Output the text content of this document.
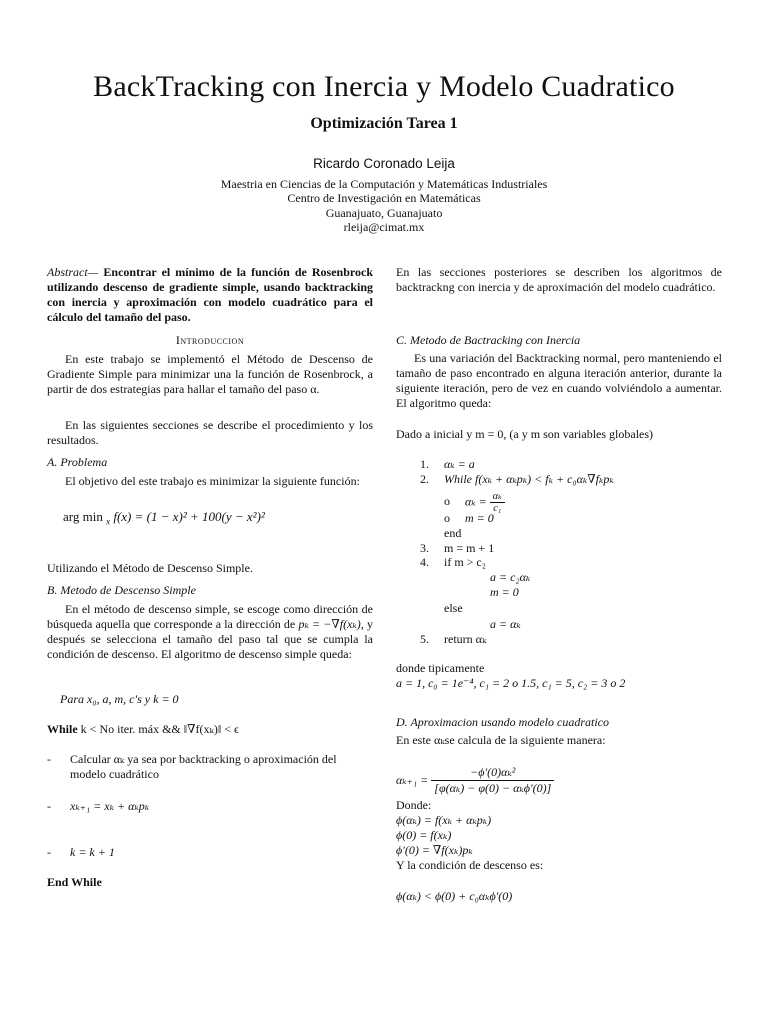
BackTracking con Inercia y Modelo Cuadratico
Optimización Tarea 1
Ricardo Coronado Leija
Maestria en Ciencias de la Computación y Matemáticas Industriales
Centro de Investigación en Matemáticas
Guanajuato, Guanajuato
rleija@cimat.mx
Abstract— Encontrar el mínimo de la función de Rosenbrock utilizando descenso de gradiente simple, usando backtracking con inercia y aproximación con modelo cuadrático para el cálculo del tamaño del paso.
Introduccion
En este trabajo se implementó el Método de Descenso de Gradiente Simple para minimizar una la función de Rosenbrock, a partir de dos estrategias para hallar el tamaño del paso α.
En las siguientes secciones se describe el procedimiento y los resultados.
A. Problema
El objetivo del este trabajo es minimizar la siguiente función:
arg min $_x$ f(x) = (1 − x)² + 100(y − x²)²
Utilizando el Método de Descenso Simple.
B. Metodo de Descenso Simple
En el método de descenso simple, se escoge como dirección de búsqueda aquella que corresponde a la dirección de pₖ = −∇f(xₖ), y después se selecciona el tamaño del paso tal que se cumpla la condición de descenso. El algoritmo de descenso simple queda:
Para x₀, a, m, c′s y k = 0
While k < No iter. máx && ‖∇f(xₖ)‖ < ϵ
- Calcular αₖ ya sea por backtracking o aproximación del modelo cuadrático
- xₖ₊₁ = xₖ + αₖpₖ
- k = k + 1
End While
En las secciones posteriores se describen los algoritmos de backtrackng con inercia y de aproximación del modelo cuadrático.
C. Metodo de Bactracking con Inercia
Es una variación del Backtracking normal, pero manteniendo el tamaño de paso encontrado en alguna iteración anterior, durante la siguiente iteración, pero de vez en cuando volviéndolo a aumentar. El algoritmo queda:
Dado a inicial y m = 0, (a y m son variables globales)
1. αₖ = a
2. While f(xₖ + αₖpₖ) < fₖ + c₀αₖ∇fₖpₖ
o $\alpha_k = \frac{\text{αₖ}}{\text{c₁}}$
o m = 0
end
3. m = m + 1
4. if m > c₂
a = c₂αₖ
m = 0
else
a = αₖ
5. return αₖ
donde tipicamente
a = 1, c₀ = 1e⁻⁴, c₁ = 2 o 1.5, c₁ = 5, c₂ = 3 o 2
D. Aproximacion usando modelo cuadratico
En este αₖse calcula de la siguiente manera:
$\alpha_{k+1} = \frac{\text{−ϕ′(0)αₖ²}}{\text{[φ(αₖ) − φ(0) − αₖϕ′(0)]}}$
Donde:
ϕ(αₖ) = f(xₖ + αₖpₖ)
ϕ(0) = f(xₖ)
ϕ′(0) = ∇f(xₖ)pₖ
Y la condición de descenso es:
ϕ(αₖ) < ϕ(0) + c₀αₖϕ′(0)
